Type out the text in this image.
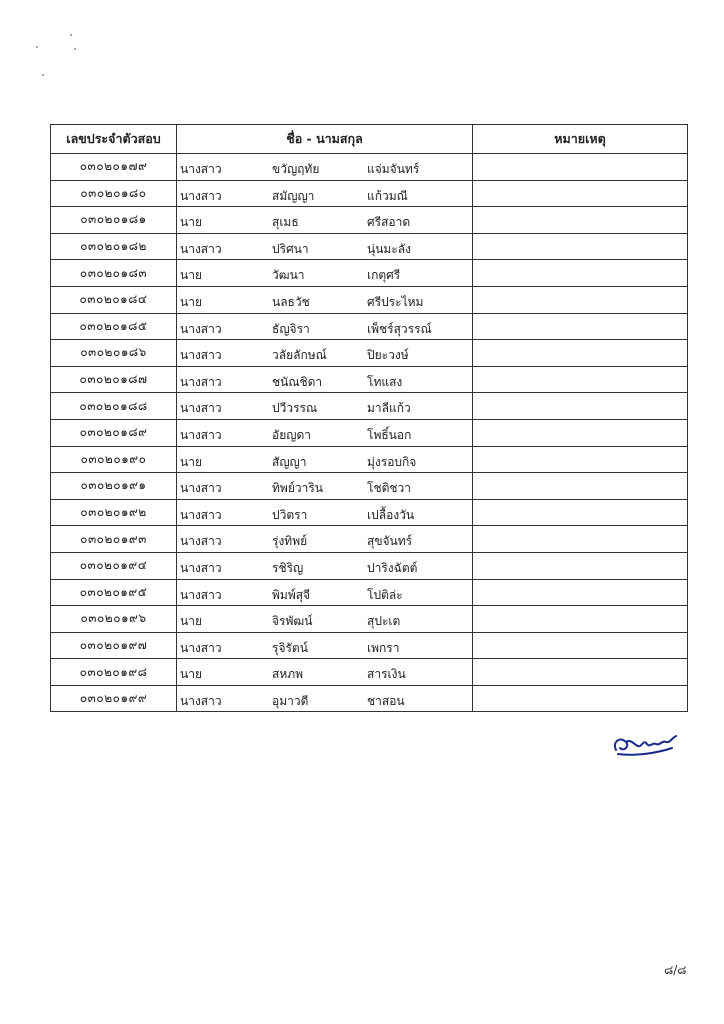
เลขประจำตัวสอบ	ชื่อ - นามสกุล	หมายเหตุ
๐๓๐๒๐๑๗๙	นางสาว ขวัญฤทัย แจ่มจันทร์	

๐๓๐๒๐๑๘๐	นางสาว สมัญญา แก้วมณี	

๐๓๐๒๐๑๘๑	นาย สุเมธ ศรีสอาด	

๐๓๐๒๐๑๘๒	นางสาว ปริศนา นุ่นมะลัง	

๐๓๐๒๐๑๘๓	นาย วัฒนา เกตุศรี	

๐๓๐๒๐๑๘๔	นาย นลธวัช ศรีประไหม	

๐๓๐๒๐๑๘๕	นางสาว ธัญจิรา เพ็ชร์สุวรรณ์	

๐๓๐๒๐๑๘๖	นางสาว วลัยลักษณ์ ปิยะวงษ์	

๐๓๐๒๐๑๘๗	นางสาว ชนัณชิดา โทแสง	

๐๓๐๒๐๑๘๘	นางสาว ปวีวรรณ มาลีแก้ว	

๐๓๐๒๐๑๘๙	นางสาว อัยญดา โพธิ์นอก	

๐๓๐๒๐๑๙๐	นาย สัญญา มุ่งรอบกิจ	

๐๓๐๒๐๑๙๑	นางสาว ทิพย์วาริน โชติชวา	

๐๓๐๒๐๑๙๒	นางสาว ปวิตรา เปลื้องวัน	

๐๓๐๒๐๑๙๓	นางสาว รุ่งทิพย์ สุขจันทร์	

๐๓๐๒๐๑๙๔	นางสาว รชิริญ ปาริงฉัตต์	

๐๓๐๒๐๑๙๕	นางสาว พิมพ์สุจี โปติล่ะ	

๐๓๐๒๐๑๙๖	นาย จิรพัฒน์ สุปะเต	

๐๓๐๒๐๑๙๗	นางสาว รุจิรัตน์ เพกรา	

๐๓๐๒๐๑๙๘	นาย สหภพ สารเงิน	

๐๓๐๒๐๑๙๙	นางสาว อุมาวดี ชาสอน	

๘/๘
